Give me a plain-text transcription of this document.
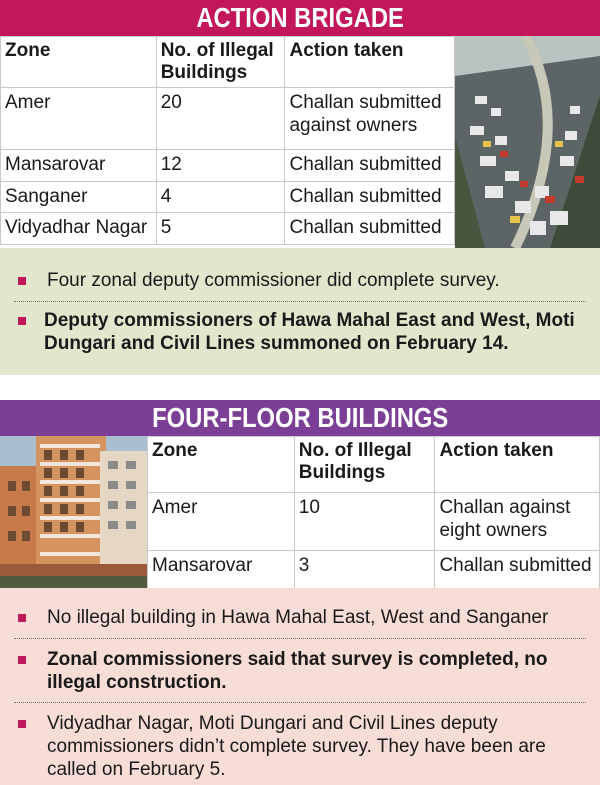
ACTION BRIGADE
Zone	No. of Illegal Buildings	Action taken
Amer	20	Challan submitted
against owners

Mansarovar	12	Challan submitted
Sanganer	4	Challan submitted
Vidyadhar Nagar	5	Challan submitted
Four zonal deputy commissioner did complete survey.
Deputy commissioners of Hawa Mahal East and West, Moti Dungari and Civil Lines summoned on February 14.
FOUR-FLOOR BUILDINGS
Zone	No. of Illegal Buildings	Action taken
Amer	10	Challan against
eight owners

Mansarovar	3	Challan submitted
No illegal building in Hawa Mahal East, West and Sanganer
Zonal commissioners said that survey is completed, no illegal construction.
Vidyadhar Nagar, Moti Dungari and Civil Lines deputy commissioners didn’t complete survey. They have been are called on February 5.
